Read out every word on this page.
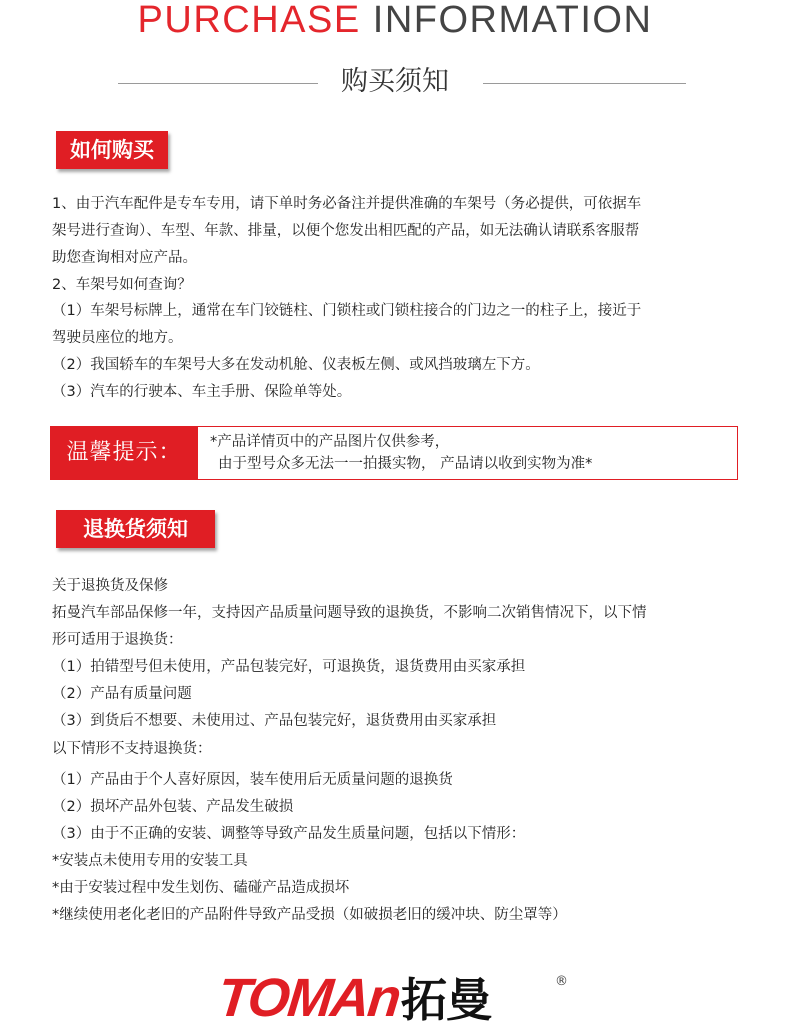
PURCHASE INFORMATION
购买须知
如何购买
1、由于汽车配件是专车专用，请下单时务必备注并提供准确的车架号（务必提供，可依据车
架号进行查询）、车型、年款、排量，以便个您发出相匹配的产品，如无法确认请联系客服帮
助您查询相对应产品。
2、车架号如何查询？
（1）车架号标牌上，通常在车门铰链柱、门锁柱或门锁柱接合的门边之一的柱子上，接近于
驾驶员座位的地方。
（2）我国轿车的车架号大多在发动机舱、仪表板左侧、或风挡玻璃左下方。
（3）汽车的行驶本、车主手册、保险单等处。
温馨提示：	*产品详情页中的产品图片仅供参考，
由于型号众多无法一一拍摄实物， 产品请以收到实物为准*
退换货须知
关于退换货及保修
拓曼汽车部品保修一年，支持因产品质量问题导致的退换货，不影响二次销售情况下，以下情
形可适用于退换货：
（1）拍错型号但未使用，产品包装完好，可退换货，退货费用由买家承担
（2）产品有质量问题
（3）到货后不想要、未使用过、产品包装完好，退货费用由买家承担
以下情形不支持退换货：
（1）产品由于个人喜好原因，装车使用后无质量问题的退换货
（2）损坏产品外包装、产品发生破损
（3）由于不正确的安装、调整等导致产品发生质量问题，包括以下情形：
*安装点未使用专用的安装工具
*由于安装过程中发生划伤、磕碰产品造成损坏
*继续使用老化老旧的产品附件导致产品受损（如破损老旧的缓冲块、防尘罩等）
TOMAn拓曼	®
